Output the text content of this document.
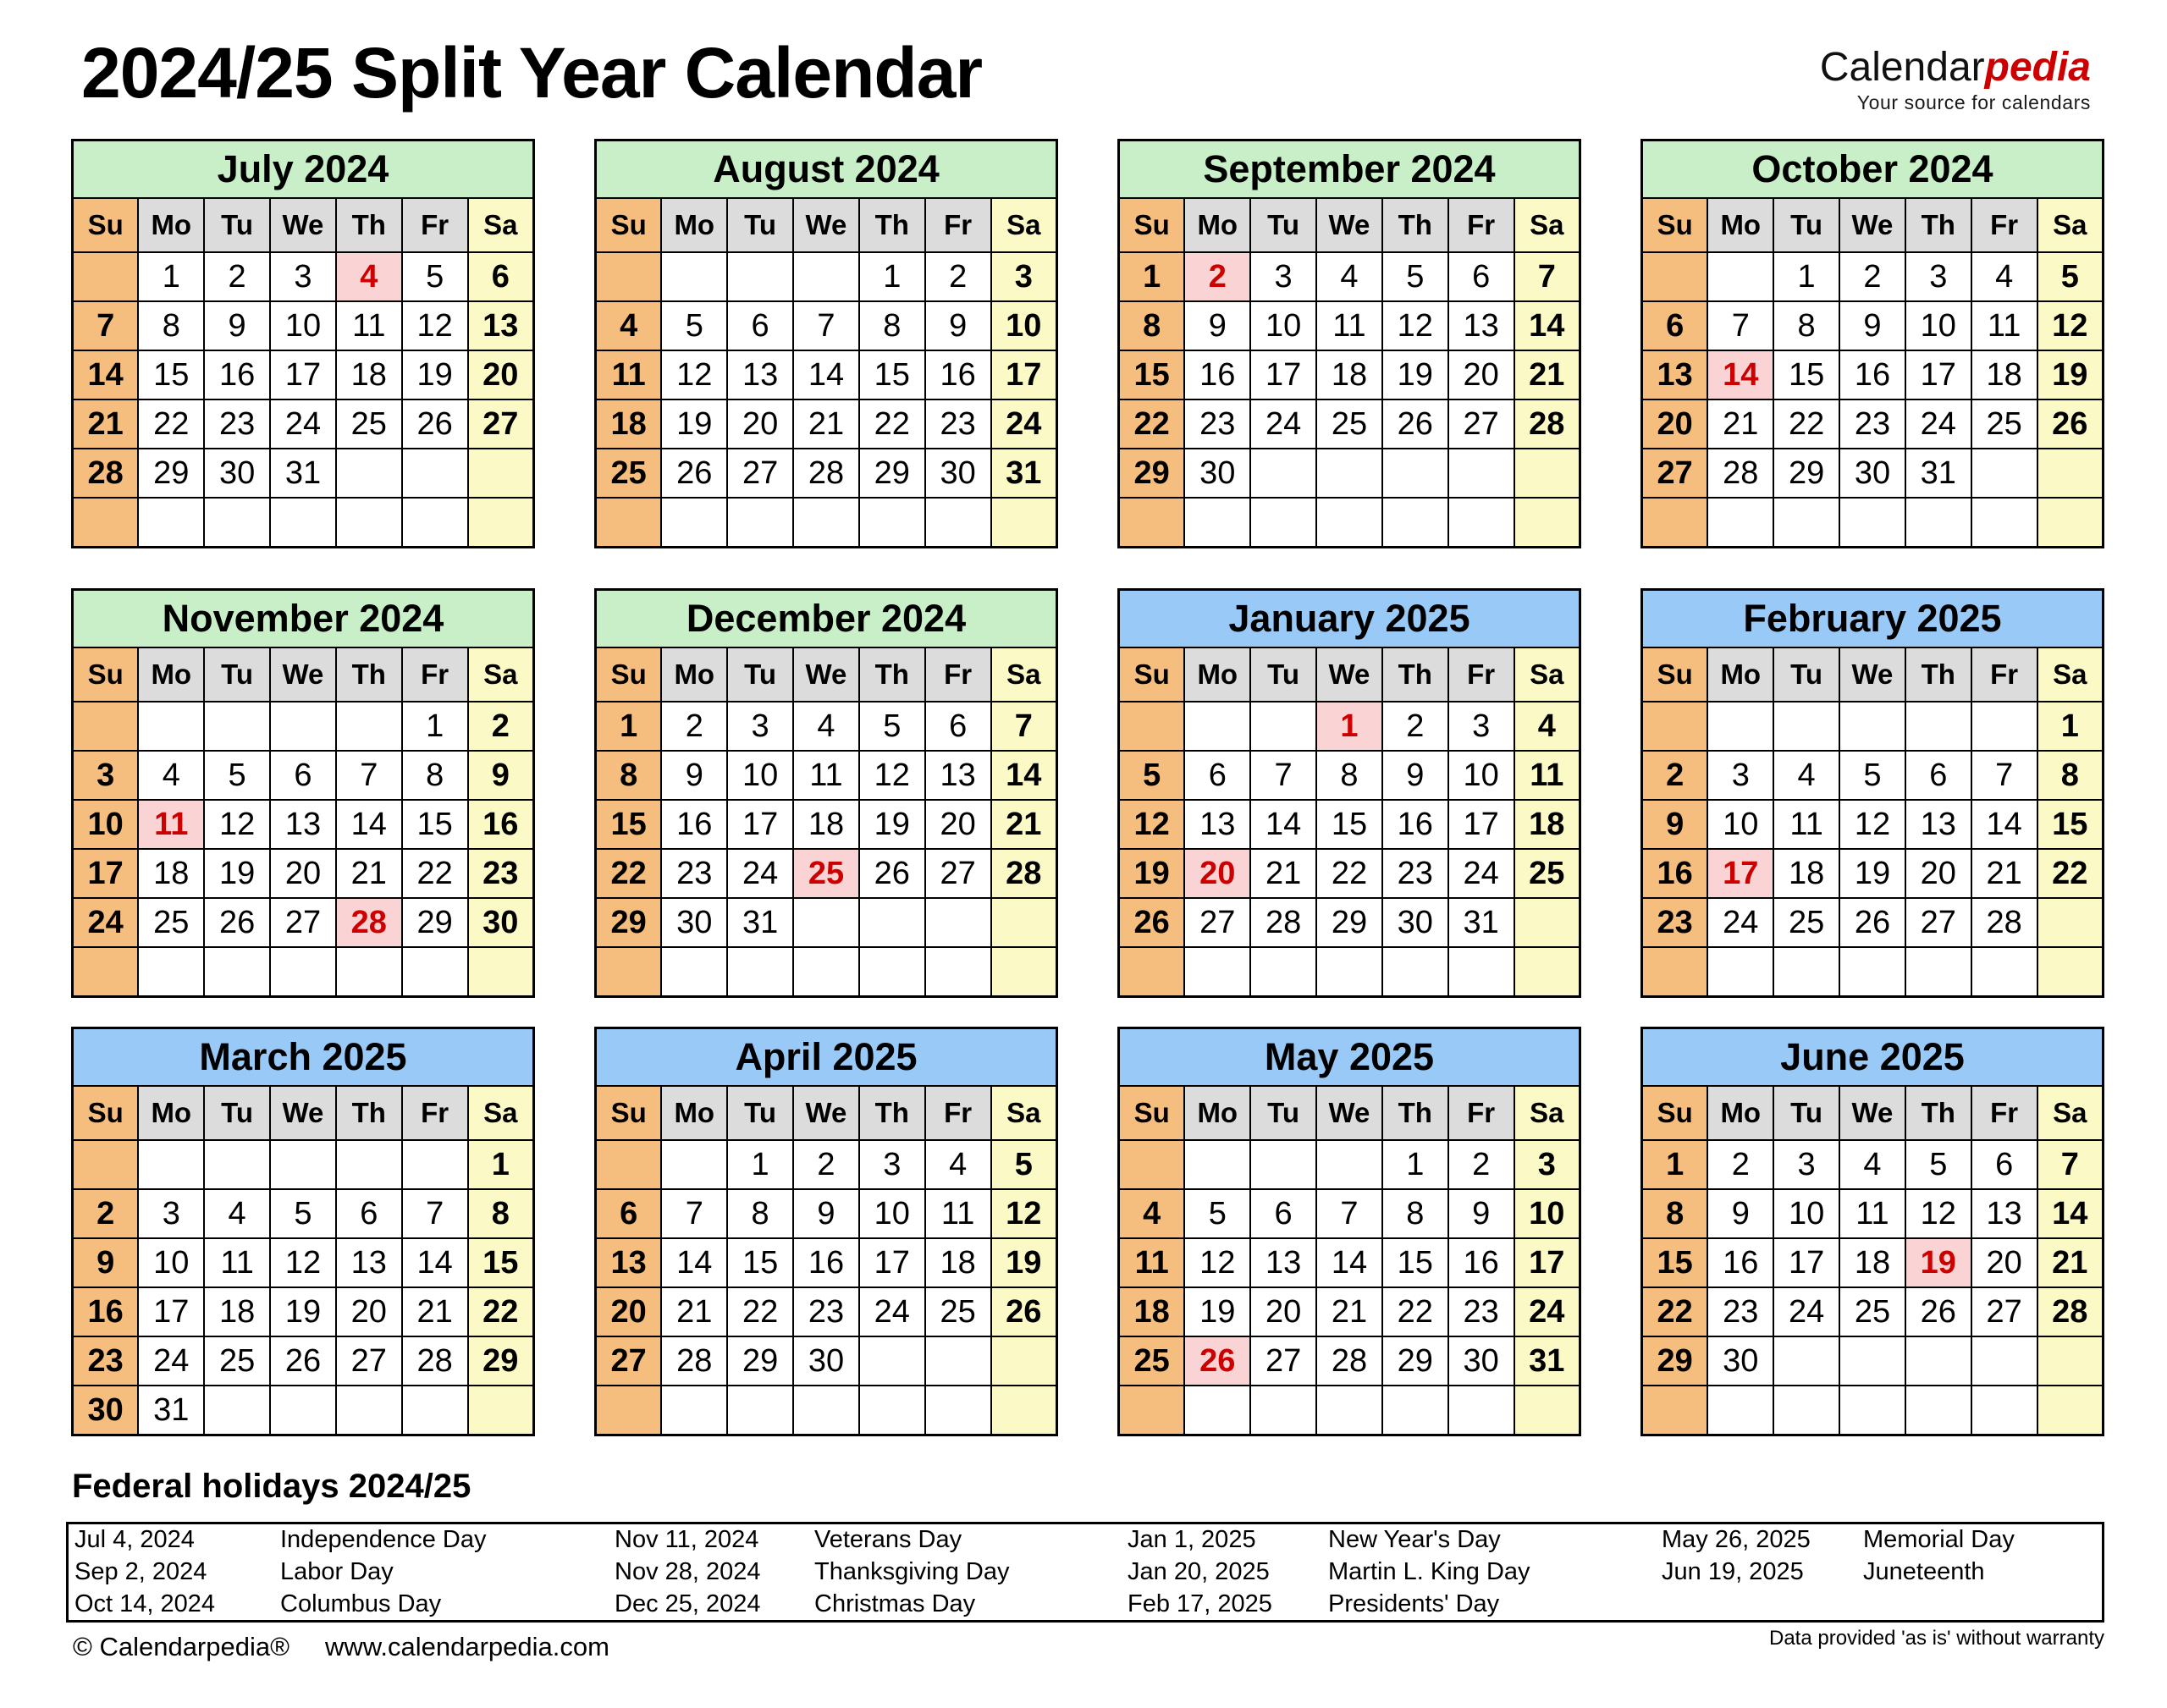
2024/25 Split Year Calendar	Calendarpedia
Your source for calendars
July 2024						
Su	Mo	Tu	We	Th	Fr	Sa
	1	2	3	4	5	6
7	8	9	10	11	12	13
14	15	16	17	18	19	20
21	22	23	24	25	26	27
28	29	30	31			

August 2024						
Su	Mo	Tu	We	Th	Fr	Sa
				1	2	3
4	5	6	7	8	9	10
11	12	13	14	15	16	17
18	19	20	21	22	23	24
25	26	27	28	29	30	31

September 2024						
Su	Mo	Tu	We	Th	Fr	Sa
1	2	3	4	5	6	7
8	9	10	11	12	13	14
15	16	17	18	19	20	21
22	23	24	25	26	27	28
29	30					

October 2024						
Su	Mo	Tu	We	Th	Fr	Sa
		1	2	3	4	5
6	7	8	9	10	11	12
13	14	15	16	17	18	19
20	21	22	23	24	25	26
27	28	29	30	31		

November 2024						
Su	Mo	Tu	We	Th	Fr	Sa
					1	2
3	4	5	6	7	8	9
10	11	12	13	14	15	16
17	18	19	20	21	22	23
24	25	26	27	28	29	30

December 2024						
Su	Mo	Tu	We	Th	Fr	Sa
1	2	3	4	5	6	7
8	9	10	11	12	13	14
15	16	17	18	19	20	21
22	23	24	25	26	27	28
29	30	31				

January 2025						
Su	Mo	Tu	We	Th	Fr	Sa
			1	2	3	4
5	6	7	8	9	10	11
12	13	14	15	16	17	18
19	20	21	22	23	24	25
26	27	28	29	30	31	

February 2025						
Su	Mo	Tu	We	Th	Fr	Sa
						1
2	3	4	5	6	7	8
9	10	11	12	13	14	15
16	17	18	19	20	21	22
23	24	25	26	27	28	

March 2025						
Su	Mo	Tu	We	Th	Fr	Sa
						1
2	3	4	5	6	7	8
9	10	11	12	13	14	15
16	17	18	19	20	21	22
23	24	25	26	27	28	29
30	31					
April 2025						
Su	Mo	Tu	We	Th	Fr	Sa
		1	2	3	4	5
6	7	8	9	10	11	12
13	14	15	16	17	18	19
20	21	22	23	24	25	26
27	28	29	30			

May 2025						
Su	Mo	Tu	We	Th	Fr	Sa
				1	2	3
4	5	6	7	8	9	10
11	12	13	14	15	16	17
18	19	20	21	22	23	24
25	26	27	28	29	30	31

June 2025						
Su	Mo	Tu	We	Th	Fr	Sa
1	2	3	4	5	6	7
8	9	10	11	12	13	14
15	16	17	18	19	20	21
22	23	24	25	26	27	28
29	30					

Federal holidays 2024/25
Jul 4, 2024	Independence Day	Nov 11, 2024	Veterans Day	Jan 1, 2025	New Year's Day	May 26, 2025	Memorial Day
Sep 2, 2024	Labor Day	Nov 28, 2024	Thanksgiving Day	Jan 20, 2025	Martin L. King Day	Jun 19, 2025	Juneteenth
Oct 14, 2024	Columbus Day	Dec 25, 2024	Christmas Day	Feb 17, 2025	Presidents' Day		
© Calendarpedia® www.calendarpedia.com	Data provided 'as is' without warranty
